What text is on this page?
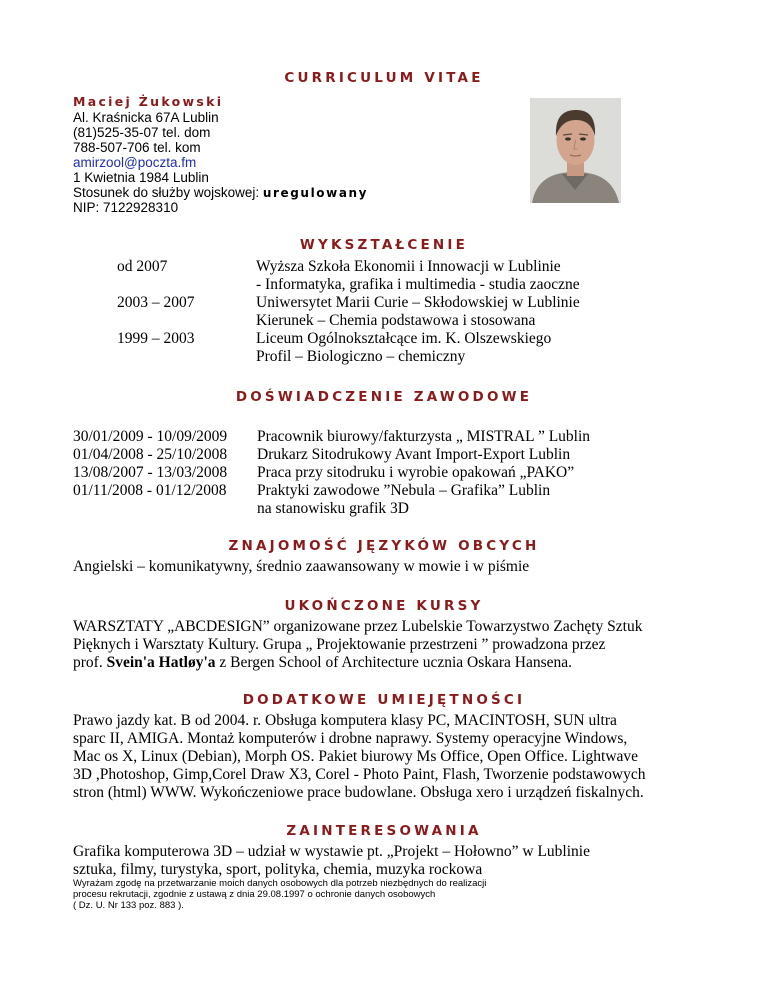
CURRICULUM VITAE
Maciej Żukowski
Al. Kraśnicka 67A Lublin
(81)525-35-07 tel. dom
788-507-706 tel. kom
amirzool@poczta.fm
1 Kwietnia 1984 Lublin
Stosunek do służby wojskowej: uregulowany
NIP: 7122928310
WYKSZTAŁCENIE
od 2007	Wyższa Szkoła Ekonomii i Innowacji w Lublinie
- Informatyka, grafika i multimedia - studia zaoczne
2003 – 2007	Uniwersytet Marii Curie – Skłodowskiej w Lublinie
Kierunek – Chemia podstawowa i stosowana
1999 – 2003	Liceum Ogólnokształcące im. K. Olszewskiego
Profil – Biologiczno – chemiczny
DOŚWIADCZENIE ZAWODOWE
30/01/2009 - 10/09/2009 Pracownik biurowy/fakturzysta „ MISTRAL ” Lublin
01/04/2008 - 25/10/2008 Drukarz Sitodrukowy Avant Import-Export Lublin
13/08/2007 - 13/03/2008 Praca przy sitodruku i wyrobie opakowań „PAKO”
01/11/2008 - 01/12/2008 Praktyki zawodowe ”Nebula – Grafika” Lublin
na stanowisku grafik 3D
ZNAJOMOŚĆ JĘZYKÓW OBCYCH
Angielski – komunikatywny, średnio zaawansowany w mowie i w piśmie
UKOŃCZONE KURSY
WARSZTATY „ABCDESIGN” organizowane przez Lubelskie Towarzystwo Zachęty Sztuk
Pięknych i Warsztaty Kultury. Grupa „ Projektowanie przestrzeni ” prowadzona przez
prof. Svein'a Hatløy'a z Bergen School of Architecture ucznia Oskara Hansena.
DODATKOWE UMIEJĘTNOŚCI
Prawo jazdy kat. B od 2004. r. Obsługa komputera klasy PC, MACINTOSH, SUN ultra
sparc II, AMIGA. Montaż komputerów i drobne naprawy. Systemy operacyjne Windows,
Mac os X, Linux (Debian), Morph OS. Pakiet biurowy Ms Office, Open Office. Lightwave
3D ,Photoshop, Gimp,Corel Draw X3, Corel - Photo Paint, Flash, Tworzenie podstawowych
stron (html) WWW. Wykończeniowe prace budowlane. Obsługa xero i urządzeń fiskalnych.
ZAINTERESOWANIA
Grafika komputerowa 3D – udział w wystawie pt. „Projekt – Hołowno” w Lublinie
sztuka, filmy, turystyka, sport, polityka, chemia, muzyka rockowa
Wyrażam zgodę na przetwarzanie moich danych osobowych dla potrzeb niezbędnych do realizacji
procesu rekrutacji, zgodnie z ustawą z dnia 29.08.1997 o ochronie danych osobowych
( Dz. U. Nr 133 poz. 883 ).
